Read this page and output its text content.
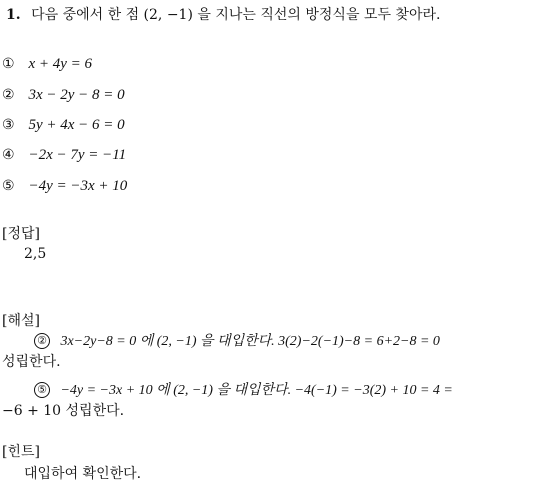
1. 다음 중에서 한 점 (2, −1) 을 지나는 직선의 방정식을 모두 찾아라.
① x + 4y = 6
② 3x − 2y − 8 = 0
③ 5y + 4x − 6 = 0
④ −2x − 7y = −11
⑤ −4y = −3x + 10
[정답]
2,5
[해설]
② 3x−2y−8 = 0 에 (2, −1) 을 대입한다. 3(2)−2(−1)−8 = 6+2−8 = 0
성립한다.
⑤ −4y = −3x + 10 에 (2, −1) 을 대입한다. −4(−1) = −3(2) + 10 = 4 =
−6 + 10 성립한다.
[힌트]
대입하여 확인한다.
